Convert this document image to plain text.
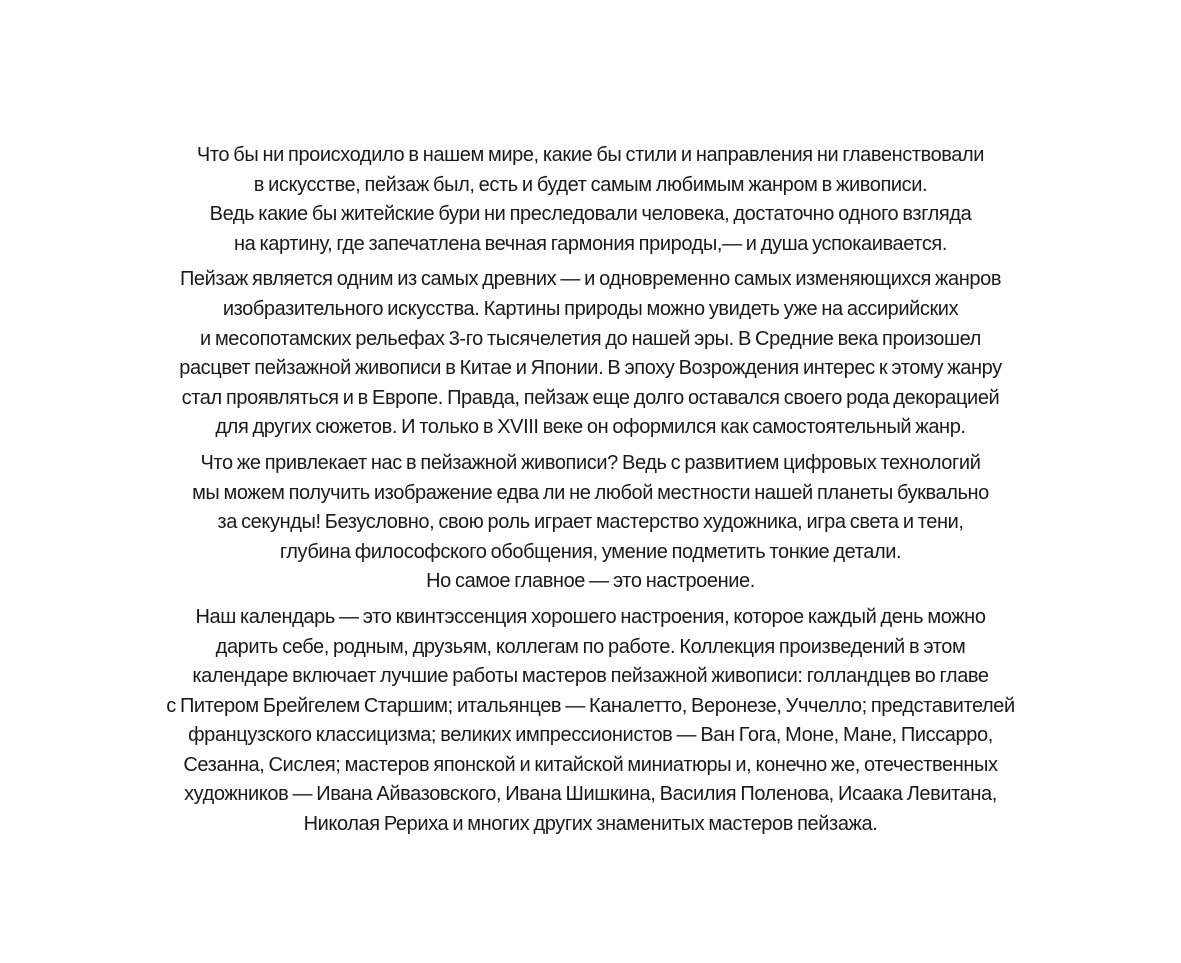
Что бы ни происходило в нашем мире, какие бы стили и направления ни главенствовали
в искусстве, пейзаж был, есть и будет самым любимым жанром в живописи.
Ведь какие бы житейские бури ни преследовали человека, достаточно одного взгляда
на картину, где запечатлена вечная гармония природы,— и душа успокаивается.

Пейзаж является одним из самых древних — и одновременно самых изменяющихся жанров
изобразительного искусства. Картины природы можно увидеть уже на ассирийских
и месопотамских рельефах 3-го тысячелетия до нашей эры. В Средние века произошел
расцвет пейзажной живописи в Китае и Японии. В эпоху Возрождения интерес к этому жанру
стал проявляться и в Европе. Правда, пейзаж еще долго оставался своего рода декорацией
для других сюжетов. И только в XVIII веке он оформился как самостоятельный жанр.

Что же привлекает нас в пейзажной живописи? Ведь с развитием цифровых технологий
мы можем получить изображение едва ли не любой местности нашей планеты буквально
за секунды! Безусловно, свою роль играет мастерство художника, игра света и тени,
глубина философского обобщения, умение подметить тонкие детали.
Но самое главное — это настроение.

Наш календарь — это квинтэссенция хорошего настроения, которое каждый день можно
дарить себе, родным, друзьям, коллегам по работе. Коллекция произведений в этом
календаре включает лучшие работы мастеров пейзажной живописи: голландцев во главе
с Питером Брейгелем Старшим; итальянцев — Каналетто, Веронезе, Уччелло; представителей
французского классицизма; великих импрессионистов — Ван Гога, Моне, Мане, Писсарро,
Сезанна, Сислея; мастеров японской и китайской миниатюры и, конечно же, отечественных
художников — Ивана Айвазовского, Ивана Шишкина, Василия Поленова, Исаака Левитана,
Николая Рериха и многих других знаменитых мастеров пейзажа.
